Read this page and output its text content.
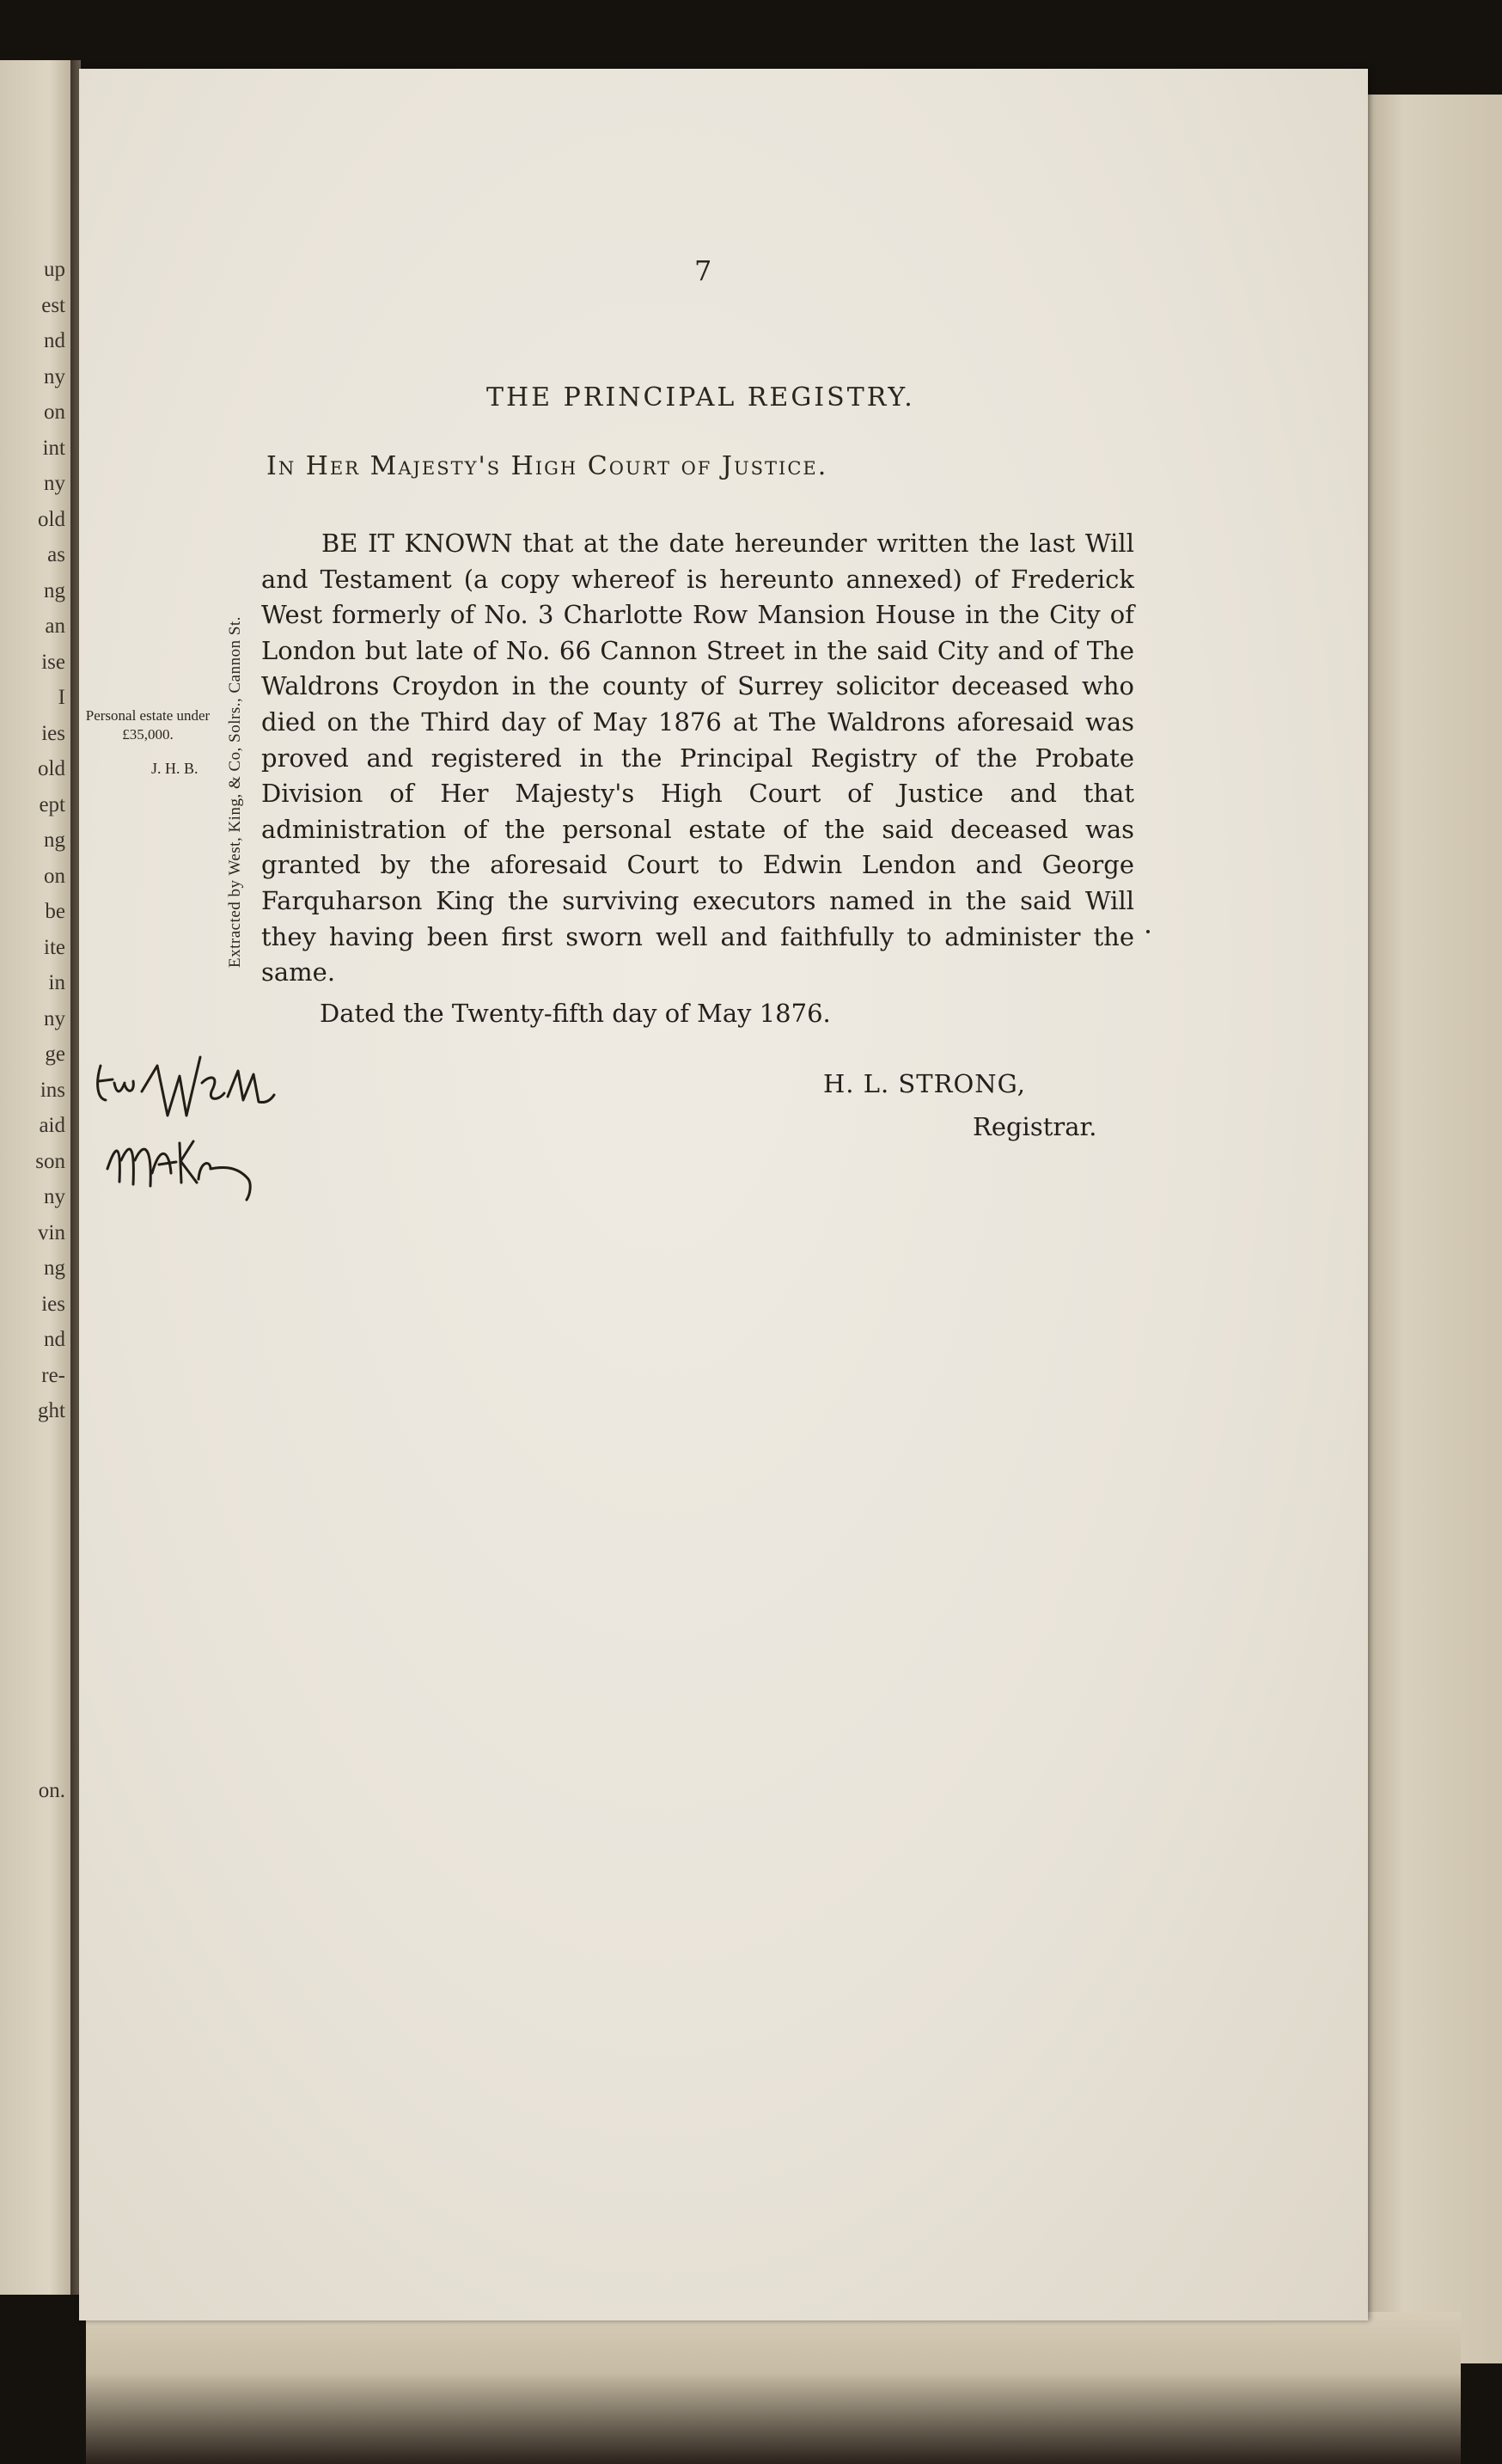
up
est
nd
ny
on
int
ny
old
as
ng
an
ise
I
ies
old
ept
ng
on
be
ite
in
ny
ge
ins
aid
son
ny
vin
ng
ies
nd
re-
ght
on.
7
THE PRINCIPAL REGISTRY.
In Her Majesty's High Court of Justice.
Personal estate under £35,000.
J. H. B.	Extracted by West, King, & Co, Solrs., Cannon St.
BE IT KNOWN that at the date hereunder written the last Will and Testament (a copy whereof is hereunto annexed) of Frederick West formerly of No. 3 Charlotte Row Mansion House in the City of London but late of No. 66 Cannon Street in the said City and of The Waldrons Croydon in the county of Surrey solicitor deceased who died on the Third day of May 1876 at The Waldrons aforesaid was proved and registered in the Principal Registry of the Probate Division of Her Majesty's High Court of Justice and that administration of the personal estate of the said deceased was granted by the aforesaid Court to Edwin Lendon and George Farquharson King the surviving executors named in the said Will they having been first sworn well and faithfully to administer the same.
Dated the Twenty-fifth day of May 1876.
H. L. STRONG,
Registrar.
